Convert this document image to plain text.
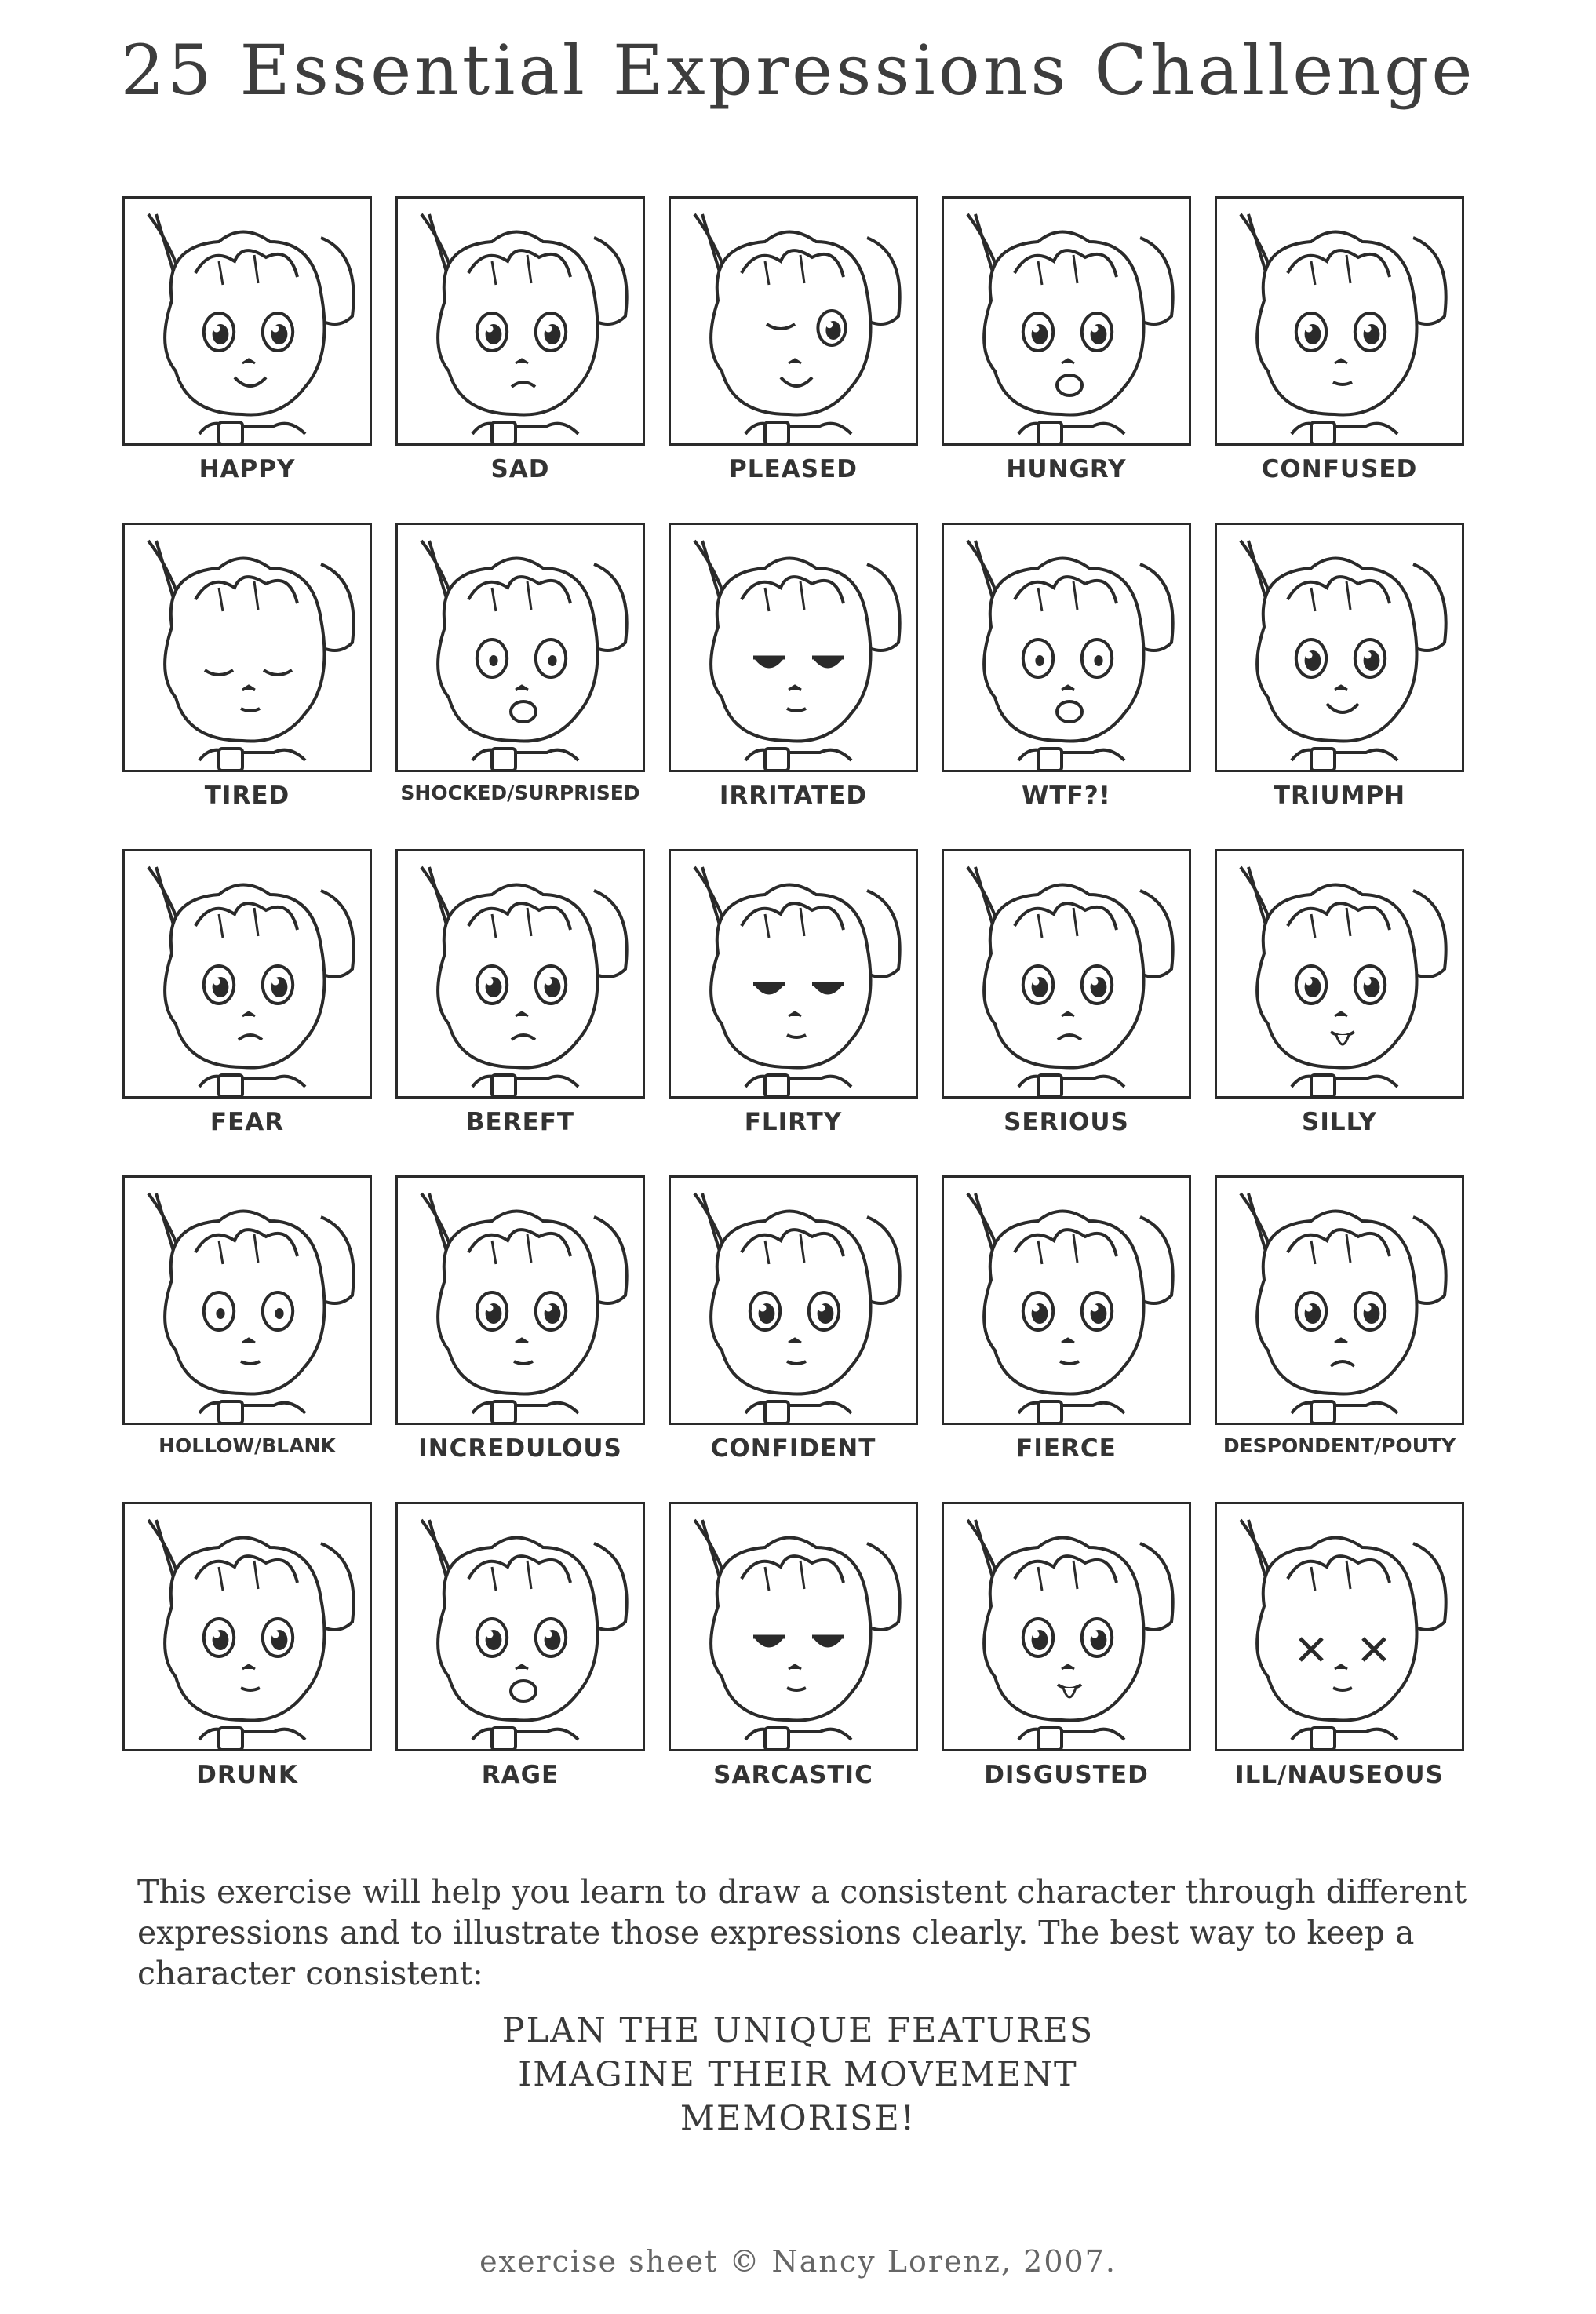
25 Essential Expressions Challenge
HAPPY	SAD	PLEASED	HUNGRY	CONFUSED
TIRED	SHOCKED/SURPRISED	IRRITATED	WTF?!	TRIUMPH
FEAR	BEREFT	FLIRTY	SERIOUS	SILLY
HOLLOW/BLANK	INCREDULOUS	CONFIDENT	FIERCE	DESPONDENT/POUTY
DRUNK	RAGE	SARCASTIC	DISGUSTED	ILL/NAUSEOUS

This exercise will help you learn to draw a consistent character through different expressions and to illustrate those expressions clearly. The best way to keep a character consistent:

PLAN THE UNIQUE FEATURES
IMAGINE THEIR MOVEMENT
MEMORISE!
exercise sheet © Nancy Lorenz, 2007.
